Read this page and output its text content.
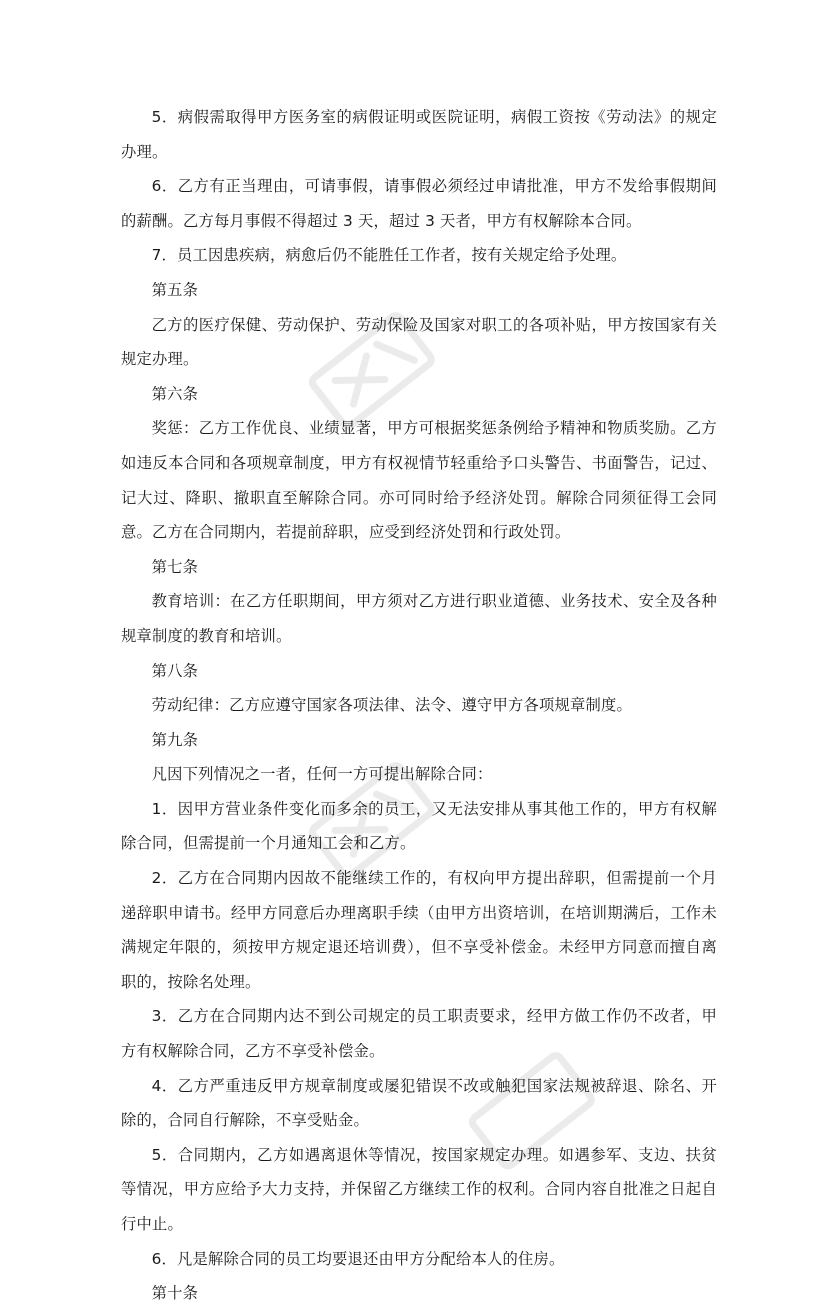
5．病假需取得甲方医务室的病假证明或医院证明，病假工资按《劳动法》的规定办理。

6．乙方有正当理由，可请事假，请事假必须经过申请批准，甲方不发给事假期间的薪酬。乙方每月事假不得超过 3 天，超过 3 天者，甲方有权解除本合同。

7．员工因患疾病，病愈后仍不能胜任工作者，按有关规定给予处理。

第五条

乙方的医疗保健、劳动保护、劳动保险及国家对职工的各项补贴，甲方按国家有关规定办理。

第六条

奖惩：乙方工作优良、业绩显著，甲方可根据奖惩条例给予精神和物质奖励。乙方如违反本合同和各项规章制度，甲方有权视情节轻重给予口头警告、书面警告，记过、记大过、降职、撤职直至解除合同。亦可同时给予经济处罚。解除合同须征得工会同意。乙方在合同期内，若提前辞职，应受到经济处罚和行政处罚。

第七条

教育培训：在乙方任职期间，甲方须对乙方进行职业道德、业务技术、安全及各种规章制度的教育和培训。

第八条

劳动纪律：乙方应遵守国家各项法律、法令、遵守甲方各项规章制度。

第九条

凡因下列情况之一者，任何一方可提出解除合同：

1．因甲方营业条件变化而多余的员工，又无法安排从事其他工作的，甲方有权解除合同，但需提前一个月通知工会和乙方。

2．乙方在合同期内因故不能继续工作的，有权向甲方提出辞职，但需提前一个月递辞职申请书。经甲方同意后办理离职手续（由甲方出资培训，在培训期满后，工作未满规定年限的，须按甲方规定退还培训费），但不享受补偿金。未经甲方同意而擅自离职的，按除名处理。

3．乙方在合同期内达不到公司规定的员工职责要求，经甲方做工作仍不改者，甲方有权解除合同，乙方不享受补偿金。

4．乙方严重违反甲方规章制度或屡犯错误不改或触犯国家法规被辞退、除名、开除的，合同自行解除，不享受贴金。

5．合同期内，乙方如遇离退休等情况，按国家规定办理。如遇参军、支边、扶贫等情况，甲方应给予大力支持，并保留乙方继续工作的权利。合同内容自批准之日起自行中止。

6．凡是解除合同的员工均要退还由甲方分配给本人的住房。

第十条
